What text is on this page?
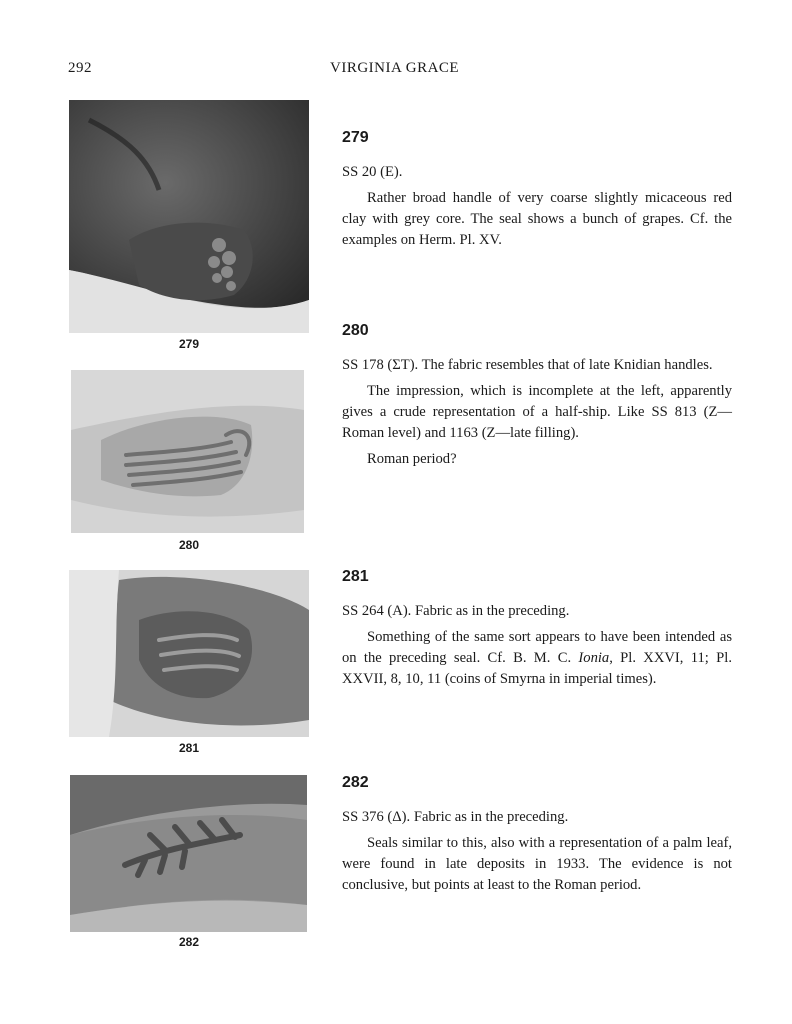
292	VIRGINIA GRACE
279
280
281
282
279

SS 20 (E).

Rather broad handle of very coarse slightly micaceous red clay with grey core. The seal shows a bunch of grapes. Cf. the examples on Herm. Pl. XV.

280

SS 178 (ΣT). The fabric resembles that of late Knidian handles.

The impression, which is incomplete at the left, apparently gives a crude representation of a half-ship. Like SS 813 (Z—Roman level) and 1163 (Z—late filling).

Roman period?

281

SS 264 (A). Fabric as in the preceding.

Something of the same sort appears to have been intended as on the preceding seal. Cf. B. M. C. Ionia, Pl. XXVI, 11; Pl. XXVII, 8, 10, 11 (coins of Smyrna in imperial times).

282

SS 376 (Δ). Fabric as in the preceding.

Seals similar to this, also with a representation of a palm leaf, were found in late deposits in 1933. The evidence is not conclusive, but points at least to the Roman period.
